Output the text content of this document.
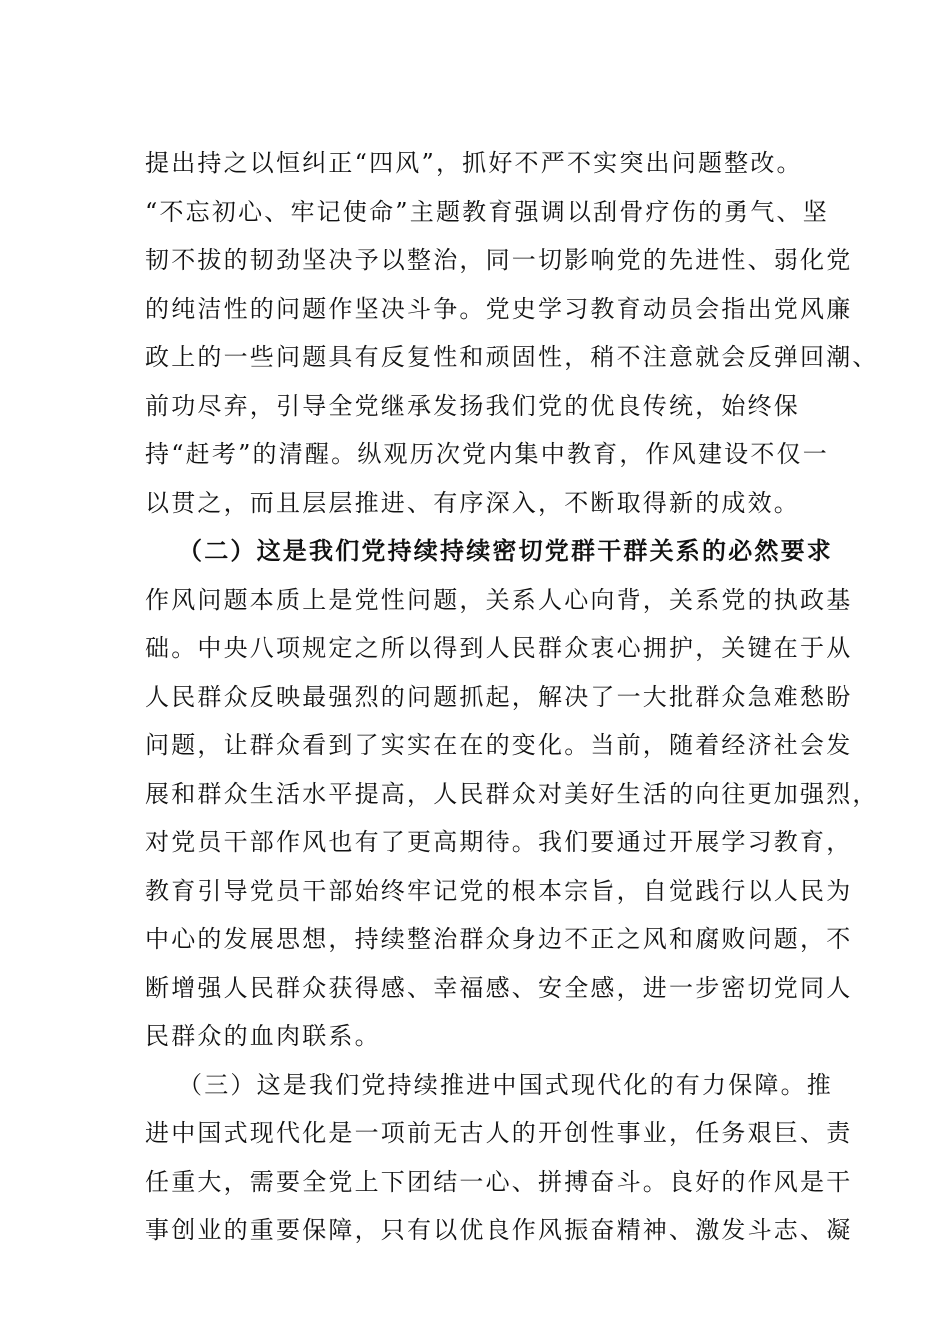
提出持之以恒纠正“四风”，抓好不严不实突出问题整改。
“不忘初心、牢记使命”主题教育强调以刮骨疗伤的勇气、坚
韧不拔的韧劲坚决予以整治，同一切影响党的先进性、弱化党
的纯洁性的问题作坚决斗争。党史学习教育动员会指出党风廉
政上的一些问题具有反复性和顽固性，稍不注意就会反弹回潮、
前功尽弃，引导全党继承发扬我们党的优良传统，始终保
持“赶考”的清醒。纵观历次党内集中教育，作风建设不仅一
以贯之，而且层层推进、有序深入，不断取得新的成效。
（二）这是我们党持续持续密切党群干群关系的必然要求
作风问题本质上是党性问题，关系人心向背，关系党的执政基
础。中央八项规定之所以得到人民群众衷心拥护，关键在于从
人民群众反映最强烈的问题抓起，解决了一大批群众急难愁盼
问题，让群众看到了实实在在的变化。当前，随着经济社会发
展和群众生活水平提高，人民群众对美好生活的向往更加强烈，
对党员干部作风也有了更高期待。我们要通过开展学习教育，
教育引导党员干部始终牢记党的根本宗旨，自觉践行以人民为
中心的发展思想，持续整治群众身边不正之风和腐败问题，不
断增强人民群众获得感、幸福感、安全感，进一步密切党同人
民群众的血肉联系。
（三）这是我们党持续推进中国式现代化的有力保障。推
进中国式现代化是一项前无古人的开创性事业，任务艰巨、责
任重大，需要全党上下团结一心、拼搏奋斗。良好的作风是干
事创业的重要保障，只有以优良作风振奋精神、激发斗志、凝
